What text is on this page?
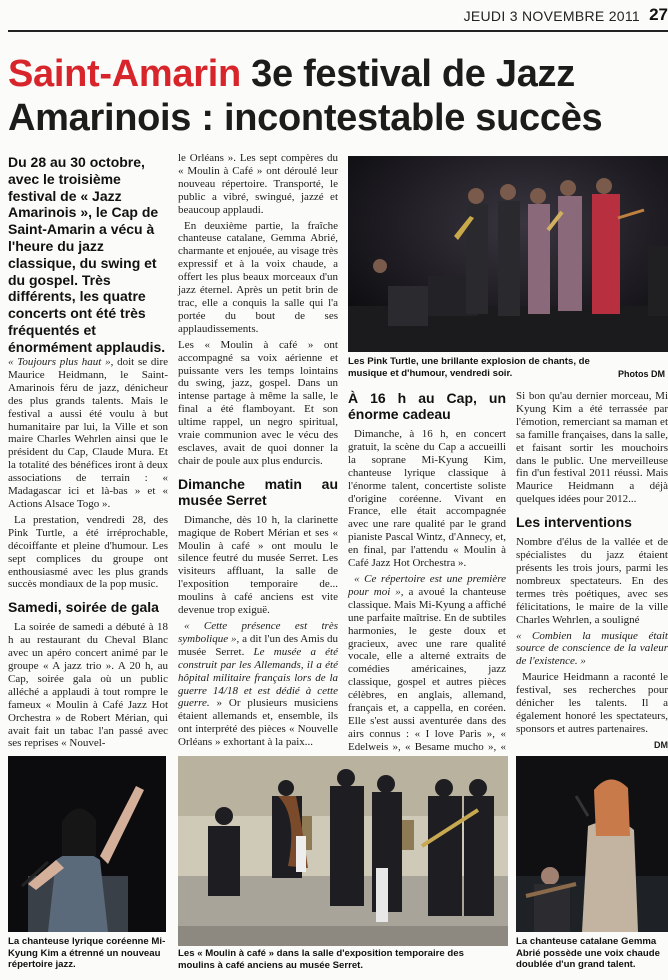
JEUDI 3 NOVEMBRE 2011 27
Saint-Amarin 3e festival de Jazz
Amarinois : incontestable succès
Du 28 au 30 octobre, avec le troisième festival de « Jazz Amarinois », le Cap de Saint-Amarin a vécu à l'heure du jazz classique, du swing et du gospel. Très différents, les quatre concerts ont été très fréquentés et énormément applaudis.

« Toujours plus haut », doit se dire Maurice Heidmann, le Saint-Amarinois féru de jazz, dénicheur des plus grands talents. Mais le festival a aussi été voulu à but humanitaire par lui, la Ville et son maire Charles Wehrlen ainsi que le président du Cap, Claude Mura. Et la totalité des bénéfices iront à deux associations de terrain : « Madagascar ici et là-bas » et « Actions Alsace Togo ».

La prestation, vendredi 28, des Pink Turtle, a été irréprochable, décoiffante et pleine d'humour. Les sept complices du groupe ont enthousiasmé avec les plus grands succès mondiaux de la pop music.

Samedi, soirée de gala

La soirée de samedi a débuté à 18 h au restaurant du Cheval Blanc avec un apéro concert animé par le groupe « A jazz trio ». A 20 h, au Cap, soirée gala où un public alléché a applaudi à tout rompre le fameux « Moulin à Café Jazz Hot Orchestra » de Robert Mérian, qui avait fait un tabac l'an passé avec ses reprises « Nouvel-

le Orléans ». Les sept compères du « Moulin à Café » ont déroulé leur nouveau répertoire. Transporté, le public a vibré, swingué, jazzé et beaucoup applaudi.

En deuxième partie, la fraîche chanteuse catalane, Gemma Abrié, charmante et enjouée, au visage très expressif et à la voix chaude, a offert les plus beaux morceaux d'un jazz éternel. Après un petit brin de trac, elle a conquis la salle qui l'a portée du bout de ses applaudissements.

Les « Moulin à café » ont accompagné sa voix aérienne et puissante vers les temps lointains du swing, jazz, gospel. Dans un intense partage à même la salle, le final a été flamboyant. Et son ultime rappel, un negro spiritual, vraie communion avec le vécu des esclaves, avait de quoi donner la chair de poule aux plus endurcis.

Dimanche matin au musée Serret

Dimanche, dès 10 h, la clarinette magique de Robert Mérian et ses « Moulin à café » ont moulu le silence feutré du musée Serret. Les visiteurs affluant, la salle de l'exposition temporaire de... moulins à café anciens est vite devenue trop exiguë.

« Cette présence est très symbolique », a dit l'un des Amis du musée Serret. Le musée a été construit par les Allemands, il a été hôpital militaire français lors de la guerre 14/18 et est dédié à cette guerre. » Or plusieurs musiciens étaient allemands et, ensemble, ils ont interprété des pièces « Nouvelle Orléans » exhortant à la paix...

Les Pink Turtle, une brillante explosion de chants, de musique et d'humour, vendredi soir.	Photos DM
À 16 h au Cap, un énorme cadeau

Dimanche, à 16 h, en concert gratuit, la scène du Cap a accueilli la soprane Mi-Kyung Kim, chanteuse lyrique classique à l'énorme talent, concertiste soliste d'origine coréenne. Vivant en France, elle était accompagnée avec une rare qualité par le grand pianiste Pascal Wintz, d'Annecy, et, en final, par l'attendu « Moulin à Café Jazz Hot Orchestra ».

« Ce répertoire est une première pour moi », a avoué la chanteuse classique. Mais Mi-Kyung a affiché une parfaite maîtrise. En de subtiles harmonies, le geste doux et gracieux, avec une rare qualité vocale, elle a alterné extraits de comédies américaines, jazz classique, gospel et autres pièces célèbres, en anglais, allemand, français et, a cappella, en coréen. Elle s'est aussi aventurée dans des airs connus : « I love Paris », « Edelweis », « Besame mucho », «

Si bon qu'au dernier morceau, Mi Kyung Kim a été terrassée par l'émotion, remerciant sa maman et sa famille françaises, dans la salle, et faisant sortir les mouchoirs dans le public. Une merveilleuse fin d'un festival 2011 réussi. Mais Maurice Heidmann a déjà quelques idées pour 2012...

Les interventions

Nombre d'élus de la vallée et de spécialistes du jazz étaient présents les trois jours, parmi les nombreux spectateurs. En des termes très poétiques, avec ses félicitations, le maire de la ville Charles Wehrlen, a souligné

« Combien la musique était source de conscience de la valeur de l'existence. »

Maurice Heidmann a raconté le festival, ses recherches pour dénicher les talents. Il a également honoré les spectateurs, sponsors et autres partenaires.

DM

La chanteuse lyrique coréenne Mi-Kyung Kim a étrenné un nouveau répertoire jazz.
Les « Moulin à café » dans la salle d'exposition temporaire des moulins à café anciens au musée Serret.
La chanteuse catalane Gemma Abrié possède une voix chaude doublée d'un grand talent.
